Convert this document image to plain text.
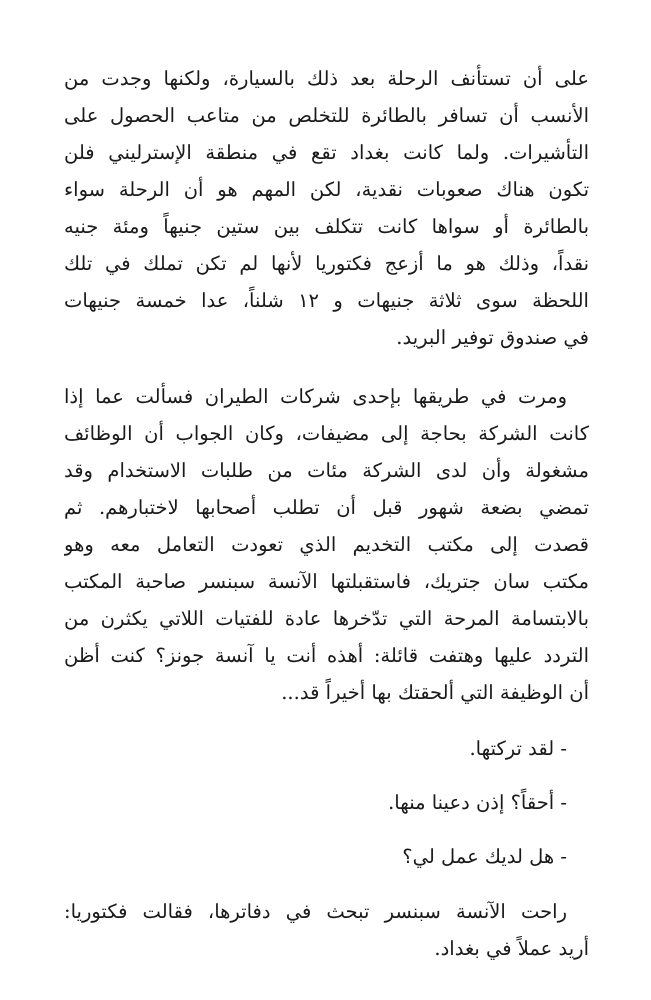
على أن تستأنف الرحلة بعد ذلك بالسيارة، ولكنها وجدت من
الأنسب أن تسافر بالطائرة للتخلص من متاعب الحصول على
التأشيرات. ولما كانت بغداد تقع في منطقة الإسترليني فلن
تكون هناك صعوبات نقدية، لكن المهم هو أن الرحلة سواء
بالطائرة أو سواها كانت تتكلف بين ستين جنيهاً ومئة جنيه
نقداً، وذلك هو ما أزعج فكتوريا لأنها لم تكن تملك في تلك
اللحظة سوى ثلاثة جنيهات و ١٢ شلناً، عدا خمسة جنيهات
في صندوق توفير البريد.
ومرت في طريقها بإحدى شركات الطيران فسألت عما إذا
كانت الشركة بحاجة إلى مضيفات، وكان الجواب أن الوظائف
مشغولة وأن لدى الشركة مئات من طلبات الاستخدام وقد
تمضي بضعة شهور قبل أن تطلب أصحابها لاختبارهم. ثم
قصدت إلى مكتب التخديم الذي تعودت التعامل معه وهو
مكتب سان جتريك، فاستقبلتها الآنسة سبنسر صاحبة المكتب
بالابتسامة المرحة التي تدّخرها عادة للفتيات اللاتي يكثرن من
التردد عليها وهتفت قائلة: أهذه أنت يا آنسة جونز؟ كنت أظن
أن الوظيفة التي ألحقتك بها أخيراً قد...
- لقد تركتها.
- أحقاً؟ إذن دعينا منها.
- هل لديك عمل لي؟
راحت الآنسة سبنسر تبحث في دفاترها، فقالت فكتوريا:
أريد عملاً في بغداد.
